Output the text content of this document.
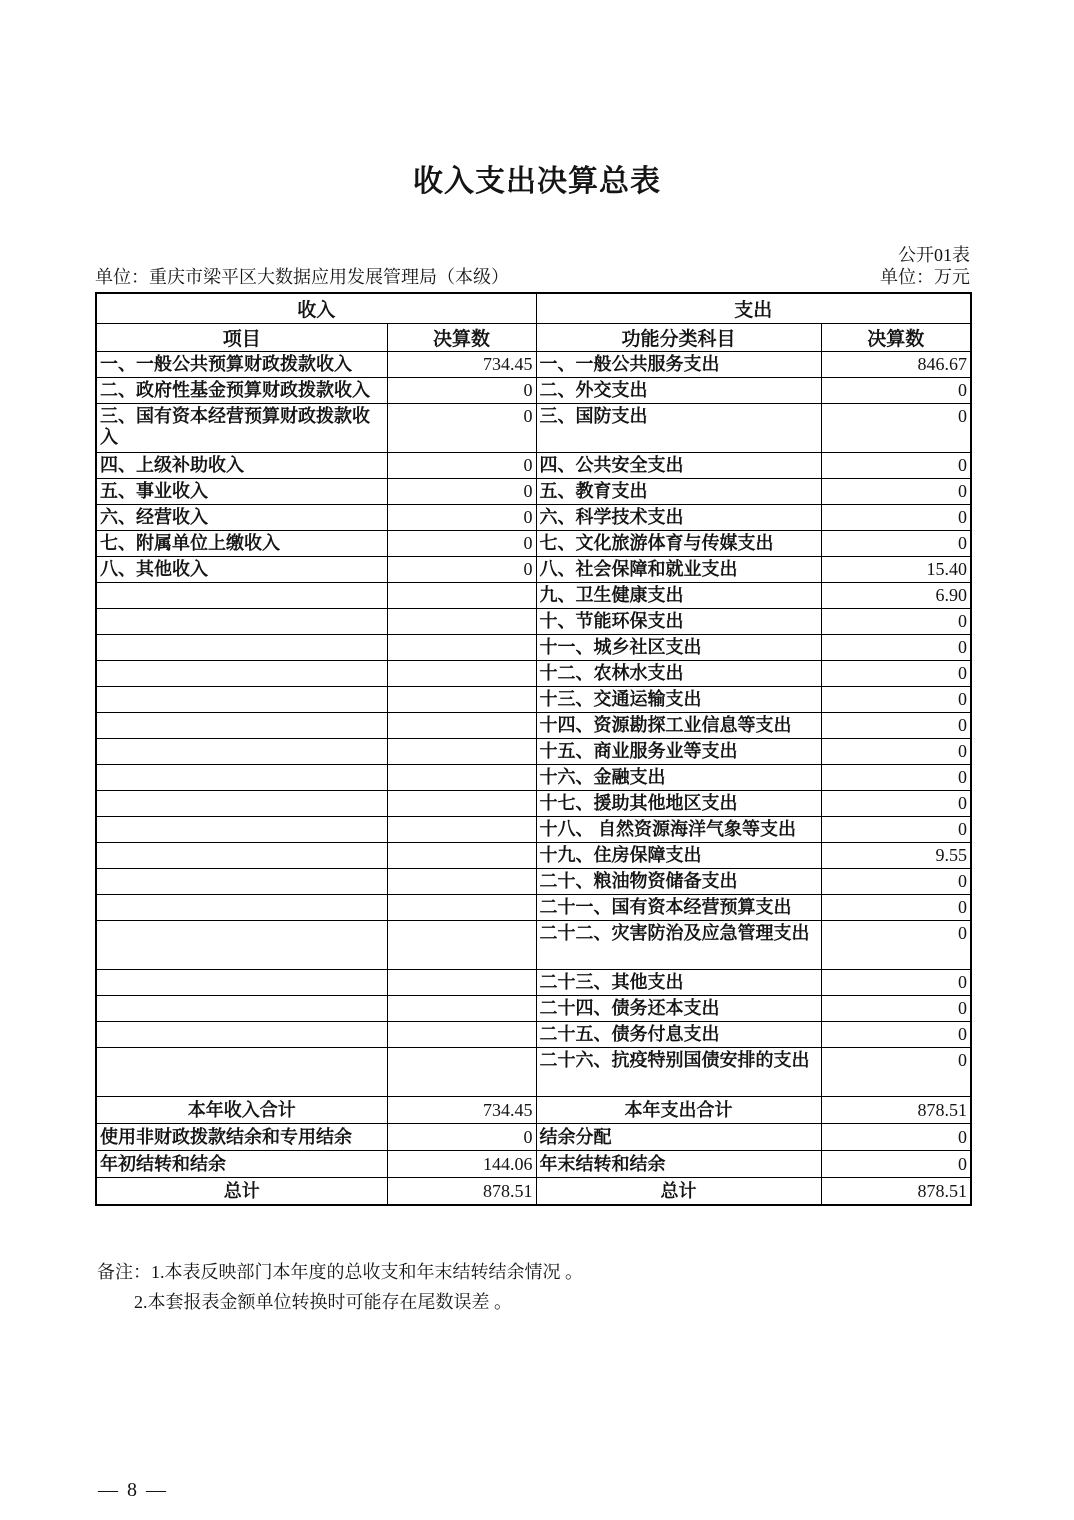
收入支出决算总表
公开01表
单位：重庆市梁平区大数据应用发展管理局（本级）	单位：万元
收入		支出	
项目	决算数	功能分类科目	决算数
一、一般公共预算财政拨款收入	734.45	一、一般公共服务支出	846.67
二、政府性基金预算财政拨款收入	0	二、外交支出	0
三、国有资本经营预算财政拨款收入	0	三、国防支出	0
四、上级补助收入	0	四、公共安全支出	0
五、事业收入	0	五、教育支出	0
六、经营收入	0	六、科学技术支出	0
七、附属单位上缴收入	0	七、文化旅游体育与传媒支出	0
八、其他收入	0	八、社会保障和就业支出	15.40
		九、卫生健康支出	6.90
		十、节能环保支出	0
		十一、城乡社区支出	0
		十二、农林水支出	0
		十三、交通运输支出	0
		十四、资源勘探工业信息等支出	0
		十五、商业服务业等支出	0
		十六、金融支出	0
		十七、援助其他地区支出	0
		十八、 自然资源海洋气象等支出	0
		十九、住房保障支出	9.55
		二十、粮油物资储备支出	0
		二十一、国有资本经营预算支出	0
		二十二、灾害防治及应急管理支出	0
		二十三、其他支出	0
		二十四、债务还本支出	0
		二十五、债务付息支出	0
		二十六、抗疫特别国债安排的支出	0
本年收入合计	734.45	本年支出合计	878.51
使用非财政拨款结余和专用结余	0	结余分配	0
年初结转和结余	144.06	年末结转和结余	0
总计	878.51	总计	878.51
备注：1.本表反映部门本年度的总收支和年末结转结余情况 。
2.本套报表金额单位转换时可能存在尾数误差 。
— 8 —
